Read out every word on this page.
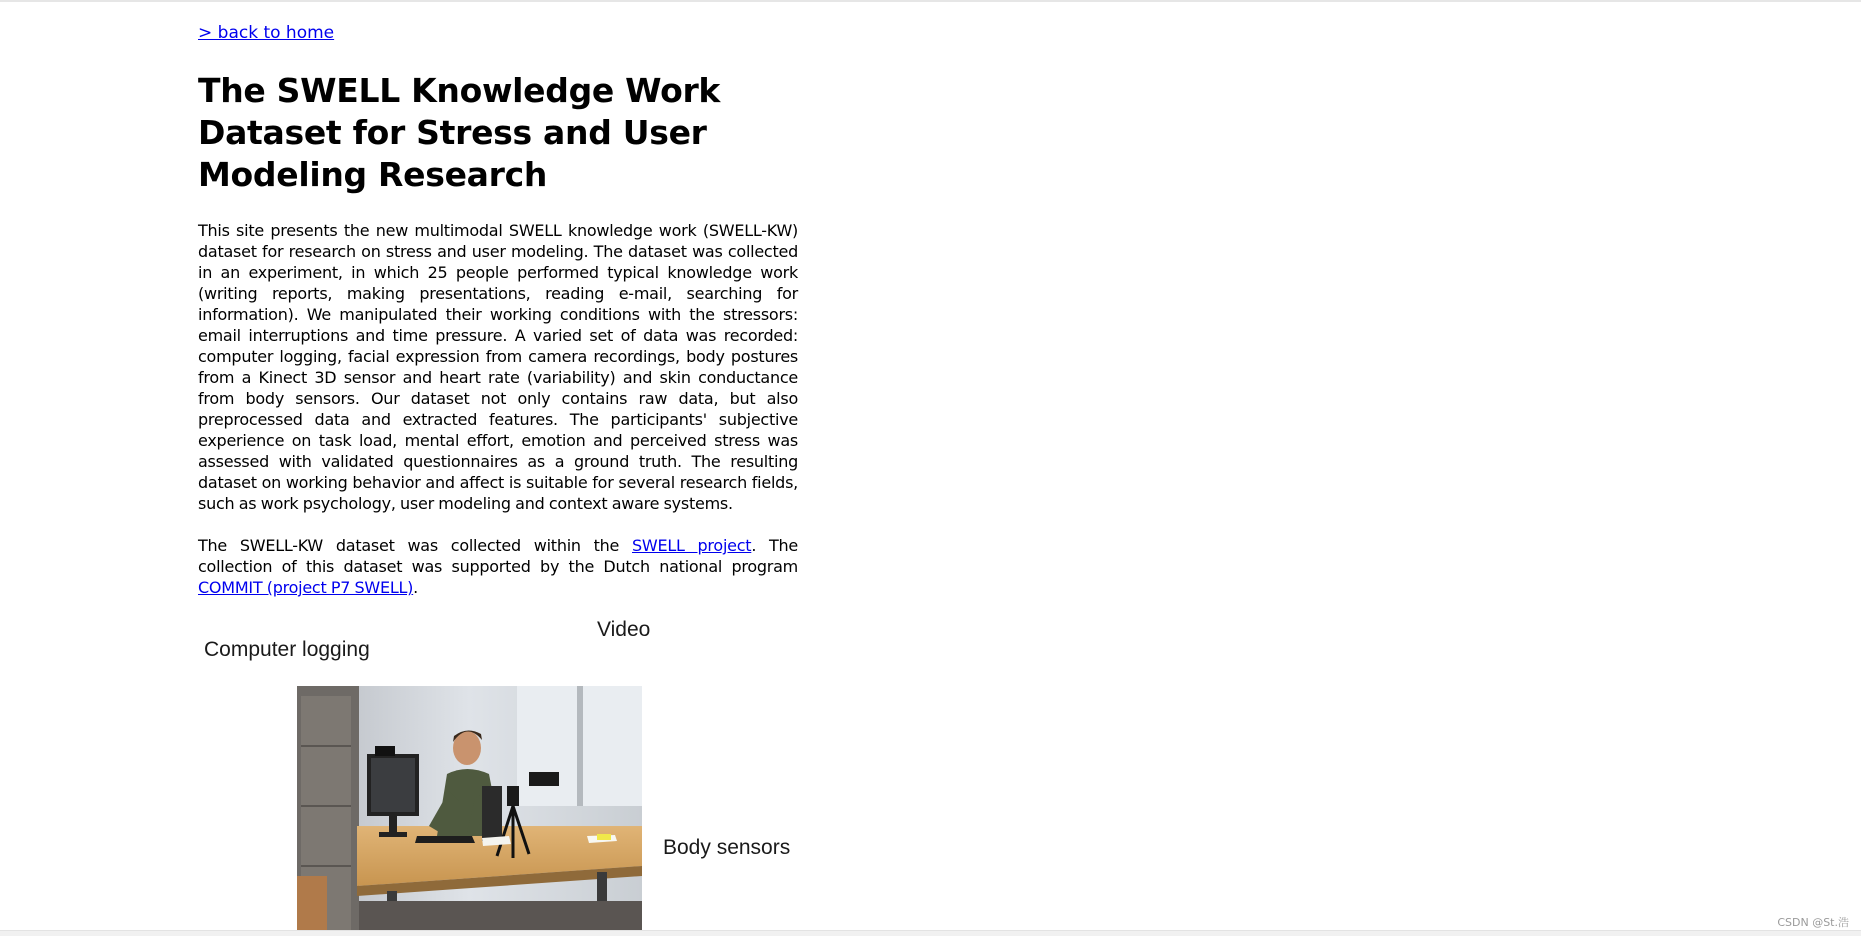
> back to home
The SWELL Knowledge Work Dataset for Stress and User Modeling Research

This site presents the new multimodal SWELL knowledge work (SWELL-KW) dataset for research on stress and user modeling. The dataset was collected in an experiment, in which 25 people performed typical knowledge work (writing reports, making presentations, reading e-mail, searching for information). We manipulated their working conditions with the stressors: email interruptions and time pressure. A varied set of data was recorded: computer logging, facial expression from camera recordings, body postures from a Kinect 3D sensor and heart rate (variability) and skin conductance from body sensors. Our dataset not only contains raw data, but also preprocessed data and extracted features. The participants' subjective experience on task load, mental effort, emotion and perceived stress was assessed with validated questionnaires as a ground truth. The resulting dataset on working behavior and affect is suitable for several research fields, such as work psychology, user modeling and context aware systems.

The SWELL-KW dataset was collected within the SWELL project. The collection of this dataset was supported by the Dutch national program COMMIT (project P7 SWELL).

Computer logging
Video
Body sensors
CSDN @St.浩
